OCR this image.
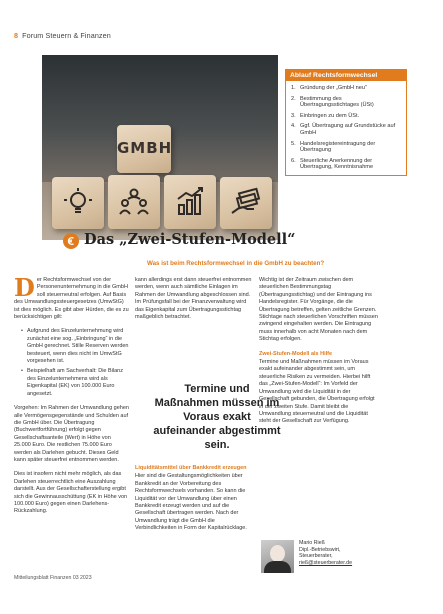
8 Forum Steuern & Finanzen
GMBH
Ablauf Rechtsformwechsel
1. Gründung der „GmbH neu“
2. Bestimmung des Übertragungsstichtages (ÜSt)
3. Einbringen zu dem ÜSt.
4. Ggf. Übertragung auf Grundstücke auf GmbH
5. Handelsregistereintragung der Übertragung
6. Steuerliche Anerkennung der Übertragung, Kenntnisnahme
Das „Zwei-Stufen-Modell“
Was ist beim Rechtsformwechsel in die GmbH zu beachten?

Der Rechtsformwechsel von der Personenunternehmung in die GmbH soll steuerneutral erfolgen. Auf Basis des Umwandlungssteuergesetzes (UmwStG) ist dies möglich. Es gibt aber Hürden, die es zu berücksichtigen gilt:

• Aufgrund des Einzelunternehmung wird zunächst eine sog. „Einbringung“ in die GmbH gerechnet. Stille Reserven werden besteuert, wenn dies nicht im UmwStG vorgesehen ist.
• Beispielhaft am Sachverhalt: Die Bilanz des Einzelunternehmens wird als Eigenkapital (EK) von 100.000 Euro angesetzt.

Vorgehen: Im Rahmen der Umwandlung gehen alle Vermögensgegenstände und Schulden auf die GmbH über. Die Übertragung (Buchwertfortführung) erfolgt gegen Gesellschaftsanteile (Wert) in Höhe von 25.000 Euro. Die restlichen 75.000 Euro werden als Darlehen gebucht. Dieses Geld kann später steuerfrei entnommen werden.

Dies ist insofern nicht mehr möglich, als das Darlehen steuerrechtlich eine Auszahlung darstellt. Aus der Gesellschafterstellung ergibt sich die Gewinnausschüttung (EK in Höhe von 100.000 Euro) gegen einen Darlehens-Rückzahlung.

kann allerdings erst dann steuerfrei entnommen werden, wenn auch sämtliche Einlagen im Rahmen der Umwandlung abgeschlossen sind. Im Prüfungsfall bei der Finanzverwaltung wird das Eigenkapital zum Übertragungsstichtag maßgeblich betrachtet.

Termine und Maßnahmen müssen im Voraus exakt aufeinander abgestimmt sein.
Liquiditätsmittel über Bankkredit erzeugen

Hier sind die Gestaltungsmöglichkeiten über Bankkredit an der Vorbereitung des Rechtsformwechsels vorhanden. So kann die Liquidität vor der Umwandlung über einen Bankkredit erzeugt werden und auf die Gesellschaft übertragen werden. Nach der Umwandlung trägt die GmbH die Verbindlichkeiten in Form der Kapitalrücklage.

Wichtig ist der Zeitraum zwischen dem steuerlichen Bestimmungstag (Übertragungsstichtag) und der Eintragung ins Handelsregister. Für Vorgänge, die die Übertragung betreffen, gelten zeitliche Grenzen. Stichtage nach steuerlichen Vorschriften müssen zwingend eingehalten werden. Die Eintragung muss innerhalb von acht Monaten nach dem Stichtag erfolgen.

Zwei-Stufen-Modell als Hilfe

Termine und Maßnahmen müssen im Voraus exakt aufeinander abgestimmt sein, um steuerliche Risiken zu vermeiden. Hierbei hilft das „Zwei-Stufen-Modell“: Im Vorfeld der Umwandlung wird die Liquidität in der Gesellschaft gebunden, die Übertragung erfolgt in der zweiten Stufe. Damit bleibt die Umwandlung steuerneutral und die Liquidität steht der Gesellschaft zur Verfügung.

Mario Rieß
Dipl.-Betriebswirt,
Steuerberater,
rieß@steuerberater.de
Mitteilungsblatt Finanzen 03 2023
